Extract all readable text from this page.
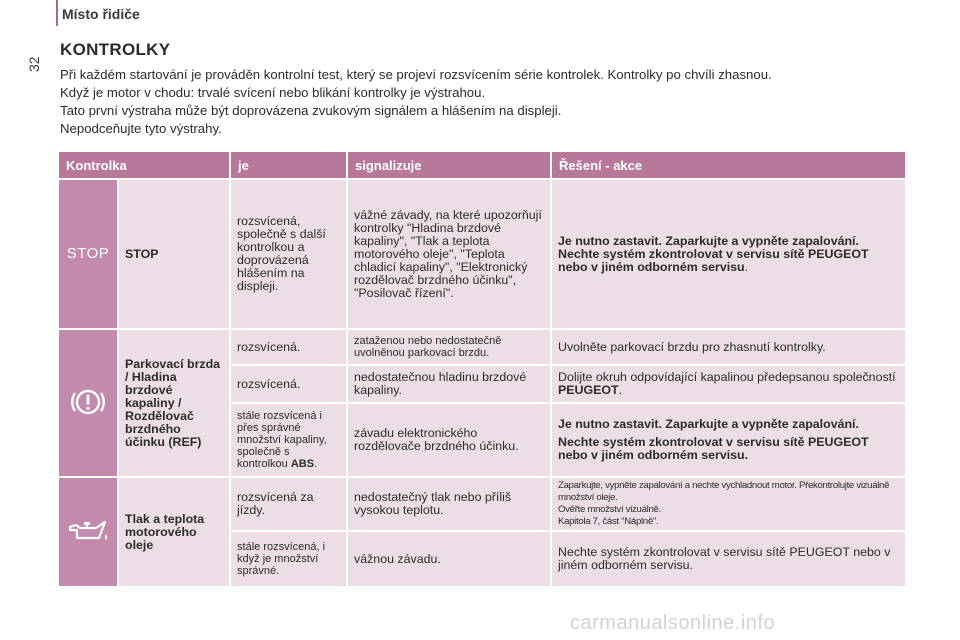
Místo řidiče
32
KONTROLKY
Při každém startování je prováděn kontrolní test, který se projeví rozsvícením série kontrolek. Kontrolky po chvíli zhasnou.
Když je motor v chodu: trvalé svícení nebo blikání kontrolky je výstrahou.
Tato první výstraha může být doprovázena zvukovým signálem a hlášením na displeji.
Nepodceňujte tyto výstrahy.
Kontrolka		je	signalizuje	Řešení - akce
STOP	STOP	rozsvícená, společně s další kontrolkou a doprovázená hlášením na displeji.	vážné závady, na které upozorňují kontrolky "Hladina brzdové kapaliny", "Tlak a teplota motorového oleje", "Teplota chladicí kapaliny", "Elektronický rozdělovač brzdného účinku", "Posilovač řízení".	Je nutno zastavit. Zaparkujte a vypněte zapalování. Nechte systém zkontrolovat v servisu sítě PEUGEOT nebo v jiném odborném servisu.
	Parkovací brzda / Hladina brzdové kapaliny / Rozdělovač brzdného účinku (REF)	rozsvícená.	zataženou nebo nedostatečně uvolněnou parkovací brzdu.	Uvolněte parkovací brzdu pro zhasnutí kontrolky.
		rozsvícená.	nedostatečnou hladinu brzdové kapaliny.	Dolijte okruh odpovídající kapalinou předepsanou společností PEUGEOT.
		stále rozsvícená i přes správné množství kapaliny, společně s kontrolkou ABS.	závadu elektronického rozdělovače brzdného účinku.	Je nutno zastavit. Zaparkujte a vypněte zapalování.
Nechte systém zkontrolovat v servisu sítě PEUGEOT nebo v jiném odborném servisu.

	Tlak a teplota motorového oleje	rozsvícená za jízdy.	nedostatečný tlak nebo příliš vysokou teplotu.	Zaparkujte, vypněte zapalování a nechte vychladnout motor. Překontrolujte vizuálně množství oleje.
Ověřte množství vizuálně.
Kapitola 7, část "Náplně".

		stále rozsvícená, i když je množství správné.	vážnou závadu.	Nechte systém zkontrolovat v servisu sítě PEUGEOT nebo v jiném odborném servisu.
carmanualsonline.info
